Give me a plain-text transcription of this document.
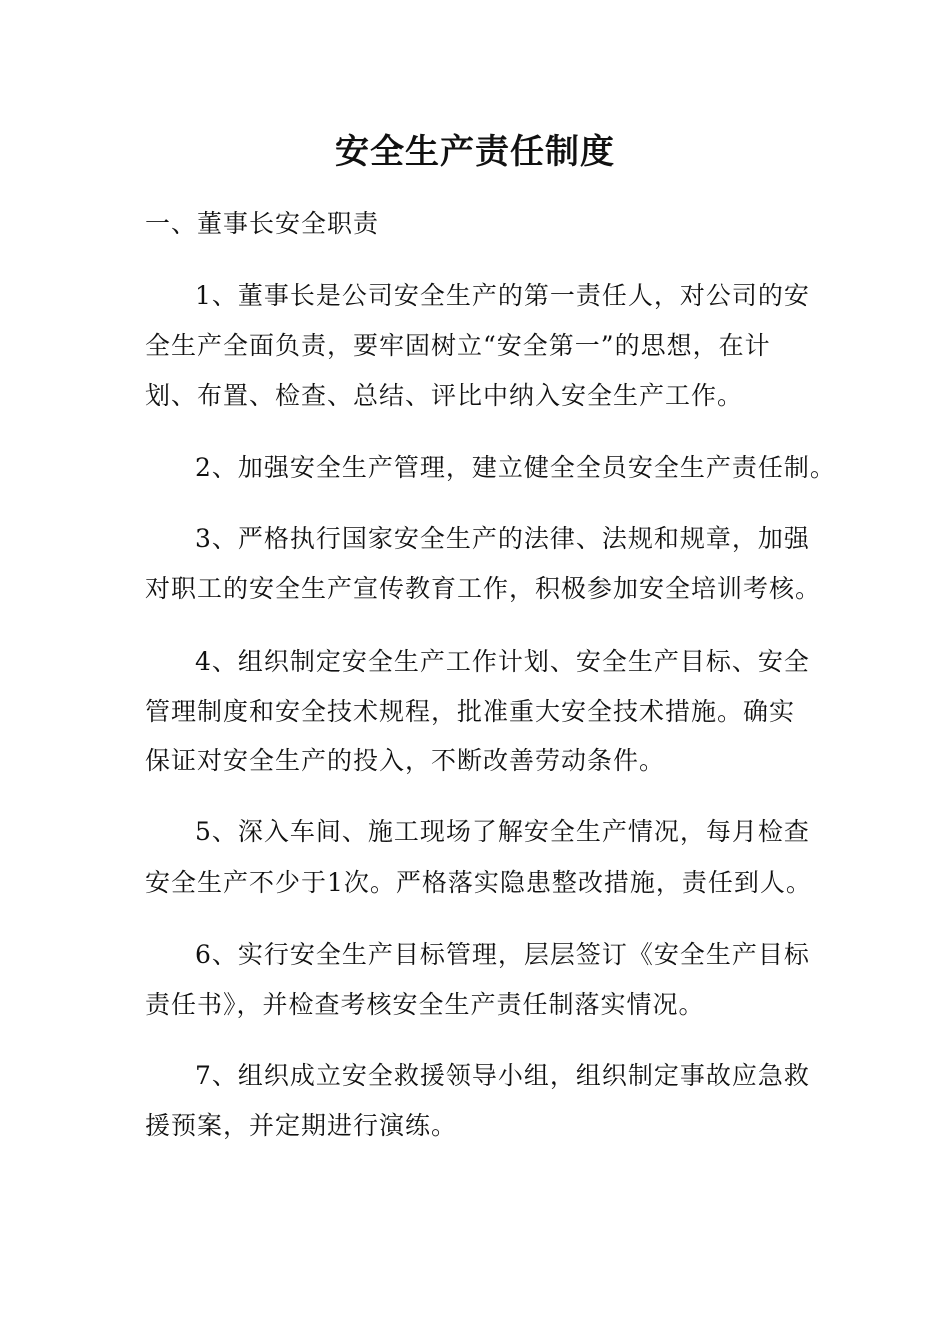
安全生产责任制度
一、董事长安全职责
1、董事长是公司安全生产的第一责任人，对公司的安
全生产全面负责，要牢固树立“安全第一”的思想，在计
划、布置、检查、总结、评比中纳入安全生产工作。
2、加强安全生产管理，建立健全全员安全生产责任制。
3、严格执行国家安全生产的法律、法规和规章，加强
对职工的安全生产宣传教育工作，积极参加安全培训考核。
4、组织制定安全生产工作计划、安全生产目标、安全
管理制度和安全技术规程，批准重大安全技术措施。确实
保证对安全生产的投入，不断改善劳动条件。
5、深入车间、施工现场了解安全生产情况，每月检查
安全生产不少于1次。严格落实隐患整改措施，责任到人。
6、实行安全生产目标管理，层层签订《安全生产目标
责任书》，并检查考核安全生产责任制落实情况。
7、组织成立安全救援领导小组，组织制定事故应急救
援预案，并定期进行演练。
